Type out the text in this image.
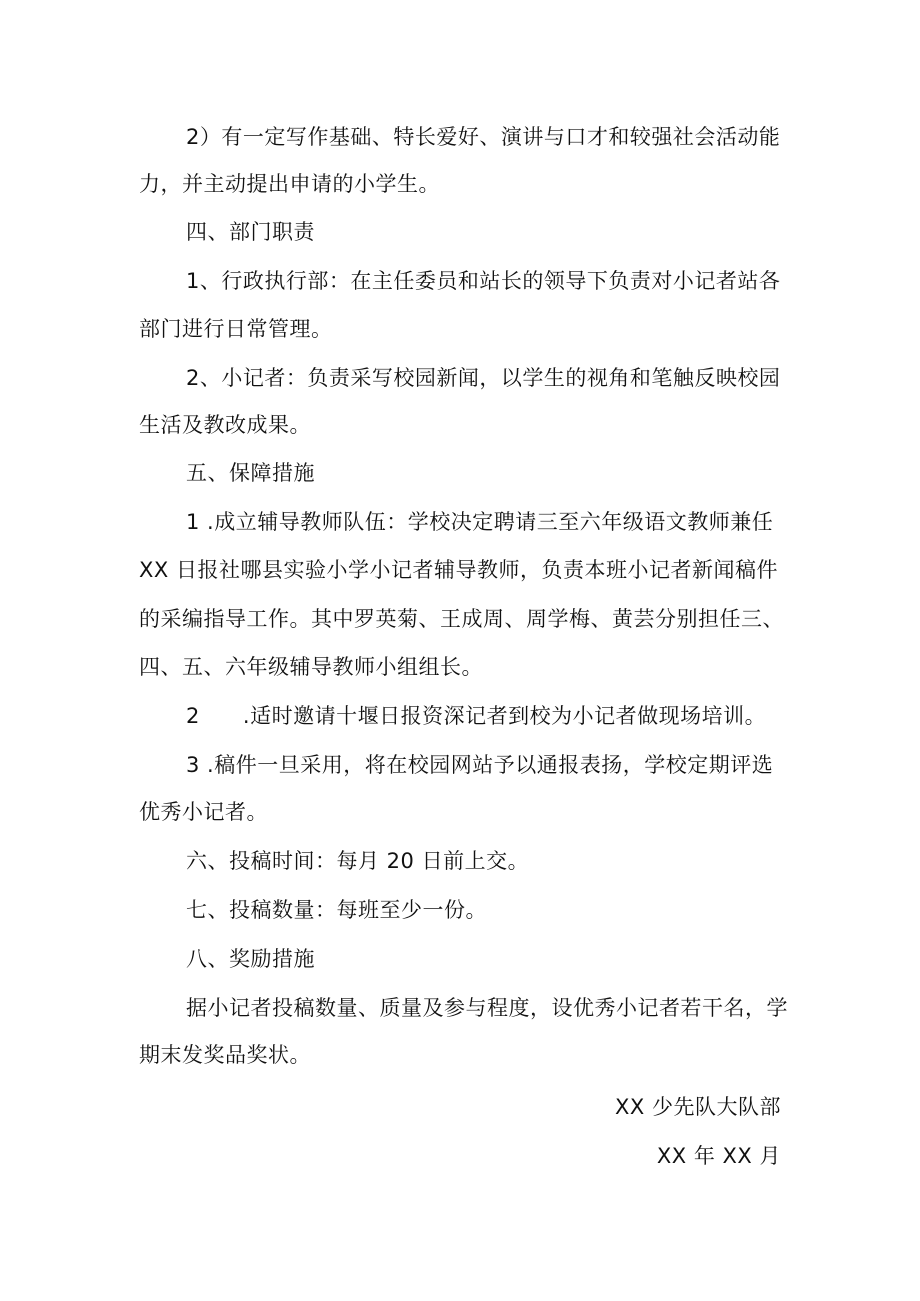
2）有一定写作基础、特长爱好、演讲与口才和较强社会活动能
力，并主动提出申请的小学生。
四、部门职责
1、行政执行部：在主任委员和站长的领导下负责对小记者站各
部门进行日常管理。
2、小记者：负责采写校园新闻，以学生的视角和笔触反映校园
生活及教改成果。
五、保障措施
1 .成立辅导教师队伍：学校决定聘请三至六年级语文教师兼任
XX 日报社哪县实验小学小记者辅导教师，负责本班小记者新闻稿件
的采编指导工作。其中罗英菊、王成周、周学梅、黄芸分别担任三、
四、五、六年级辅导教师小组组长。
2      .适时邀请十堰日报资深记者到校为小记者做现场培训。
3 .稿件一旦采用，将在校园网站予以通报表扬，学校定期评选
优秀小记者。
六、投稿时间：每月 20 日前上交。
七、投稿数量：每班至少一份。
八、奖励措施
据小记者投稿数量、质量及参与程度，设优秀小记者若干名，学
期末发奖品奖状。
XX 少先队大队部
XX 年 XX 月
